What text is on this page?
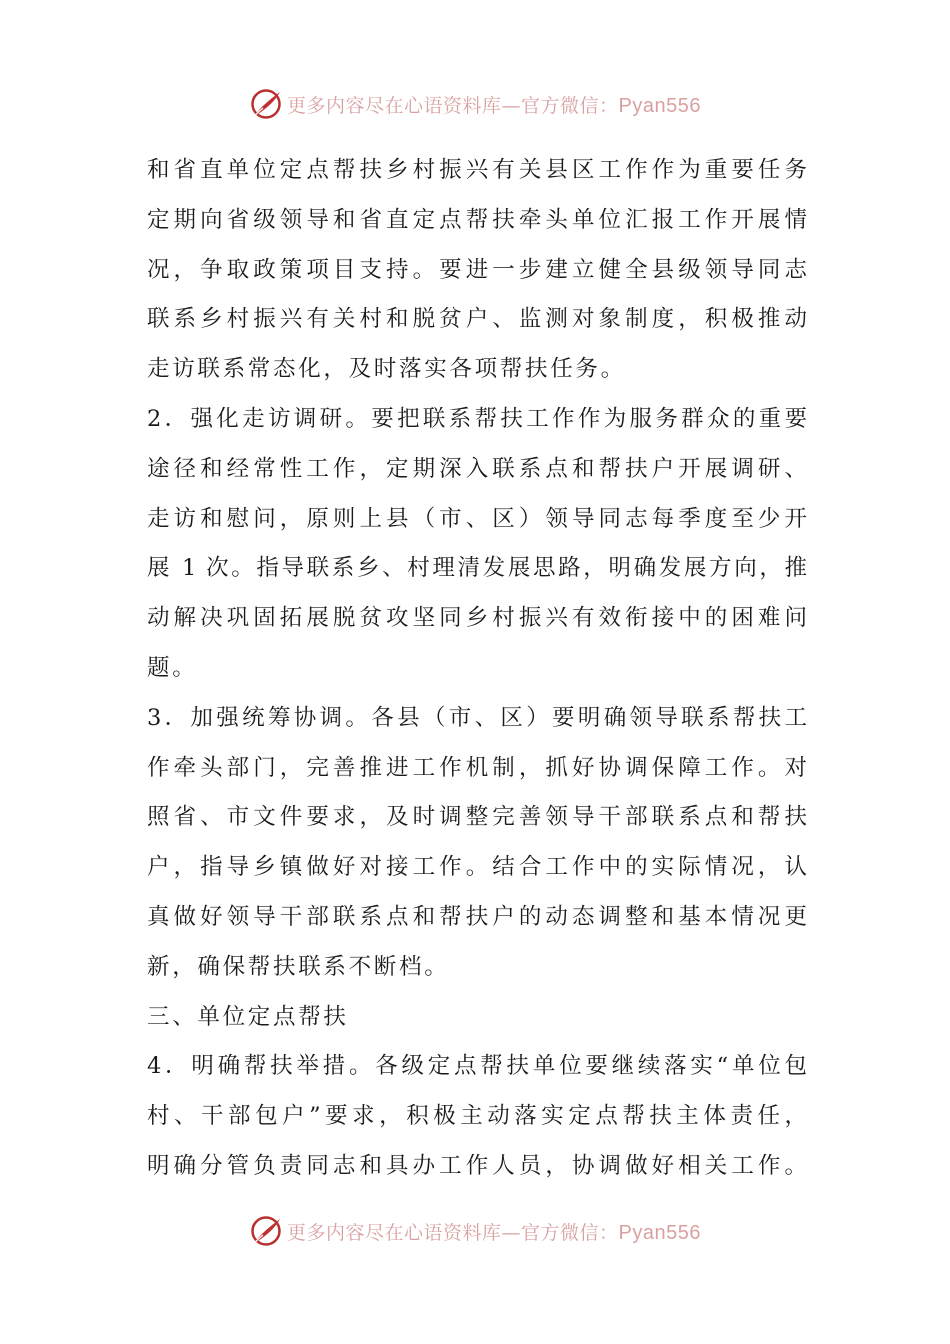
更多内容尽在心语资料库—官方微信：Pyan556
和省直单位定点帮扶乡村振兴有关县区工作作为重要任务
定期向省级领导和省直定点帮扶牵头单位汇报工作开展情
况，争取政策项目支持。要进一步建立健全县级领导同志
联系乡村振兴有关村和脱贫户、监测对象制度，积极推动
走访联系常态化，及时落实各项帮扶任务。
2．强化走访调研。要把联系帮扶工作作为服务群众的重要
途径和经常性工作，定期深入联系点和帮扶户开展调研、
走访和慰问，原则上县（市、区）领导同志每季度至少开
展 1 次。指导联系乡、村理清发展思路，明确发展方向，推
动解决巩固拓展脱贫攻坚同乡村振兴有效衔接中的困难问
题。
3．加强统筹协调。各县（市、区）要明确领导联系帮扶工
作牵头部门，完善推进工作机制，抓好协调保障工作。对
照省、市文件要求，及时调整完善领导干部联系点和帮扶
户，指导乡镇做好对接工作。结合工作中的实际情况，认
真做好领导干部联系点和帮扶户的动态调整和基本情况更
新，确保帮扶联系不断档。
三、单位定点帮扶
4．明确帮扶举措。各级定点帮扶单位要继续落实“单位包
村、干部包户”要求，积极主动落实定点帮扶主体责任，
明确分管负责同志和具办工作人员，协调做好相关工作。
更多内容尽在心语资料库—官方微信：Pyan556
